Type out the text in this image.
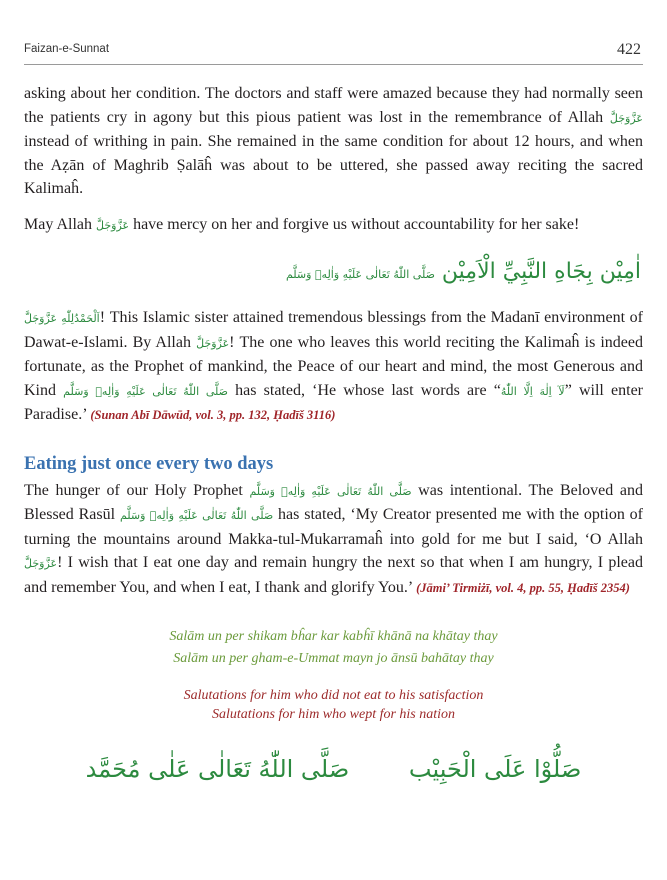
Faizan-e-Sunnat	422

asking about her condition. The doctors and staff were amazed because they had normally seen the patients cry in agony but this pious patient was lost in the remembrance of Allah عَزَّوَجَلَّ instead of writhing in pain. She remained in the same condition for about 12 hours, and when the Aẓān of Maghrib Ṣalāĥ was about to be uttered, she passed away reciting the sacred Kalimaĥ.

May Allah عَزَّوَجَلَّ have mercy on her and forgive us without accountability for her sake!

اٰمِيْن بِجَاهِ النَّبِيِّ الْاَمِيْن صَلَّى اللّٰهُ تَعَالٰى عَلَيْهِ وَاٰلِهٖ وَسَلَّم

اَلْحَمْدُلِلّٰهِ عَزَّوَجَلَّ! This Islamic sister attained tremendous blessings from the Madanī environment of Dawat-e-Islami. By Allah عَزَّوَجَلَّ! The one who leaves this world reciting the Kalimaĥ is indeed fortunate, as the Prophet of mankind, the Peace of our heart and mind, the most Generous and Kind صَلَّى اللّٰهُ تَعَالٰى عَلَيْهِ وَاٰلِهٖ وَسَلَّم has stated, ‘He whose last words are “لَآ اِلٰهَ اِلَّا اللّٰهُ” will enter Paradise.’ (Sunan Abī Dāwūd, vol. 3, pp. 132, Ḥadīš 3116)

Eating just once every two days

The hunger of our Holy Prophet صَلَّى اللّٰهُ تَعَالٰى عَلَيْهِ وَاٰلِهٖ وَسَلَّم was intentional. The Beloved and Blessed Rasūl صَلَّى اللّٰهُ تَعَالٰى عَلَيْهِ وَاٰلِهٖ وَسَلَّم has stated, ‘My Creator presented me with the option of turning the mountains around Makka-tul-Mukarramaĥ into gold for me but I said, ‘O Allah عَزَّوَجَلَّ! I wish that I eat one day and remain hungry the next so that when I am hungry, I plead and remember You, and when I eat, I thank and glorify You.’ (Jāmi’ Tirmiżī, vol. 4, pp. 55, Ḥadīš 2354)

Salām un per shikam bĥar kar kabĥī khānā na khātay thay
Salām un per gham-e-Ummat mayn jo ānsū bahātay thay
Salutations for him who did not eat to his satisfaction
Salutations for him who wept for his nation
صَلُّوْا عَلَى الْحَبِيْب صَلَّى اللّٰهُ تَعَالٰى عَلٰى مُحَمَّد
